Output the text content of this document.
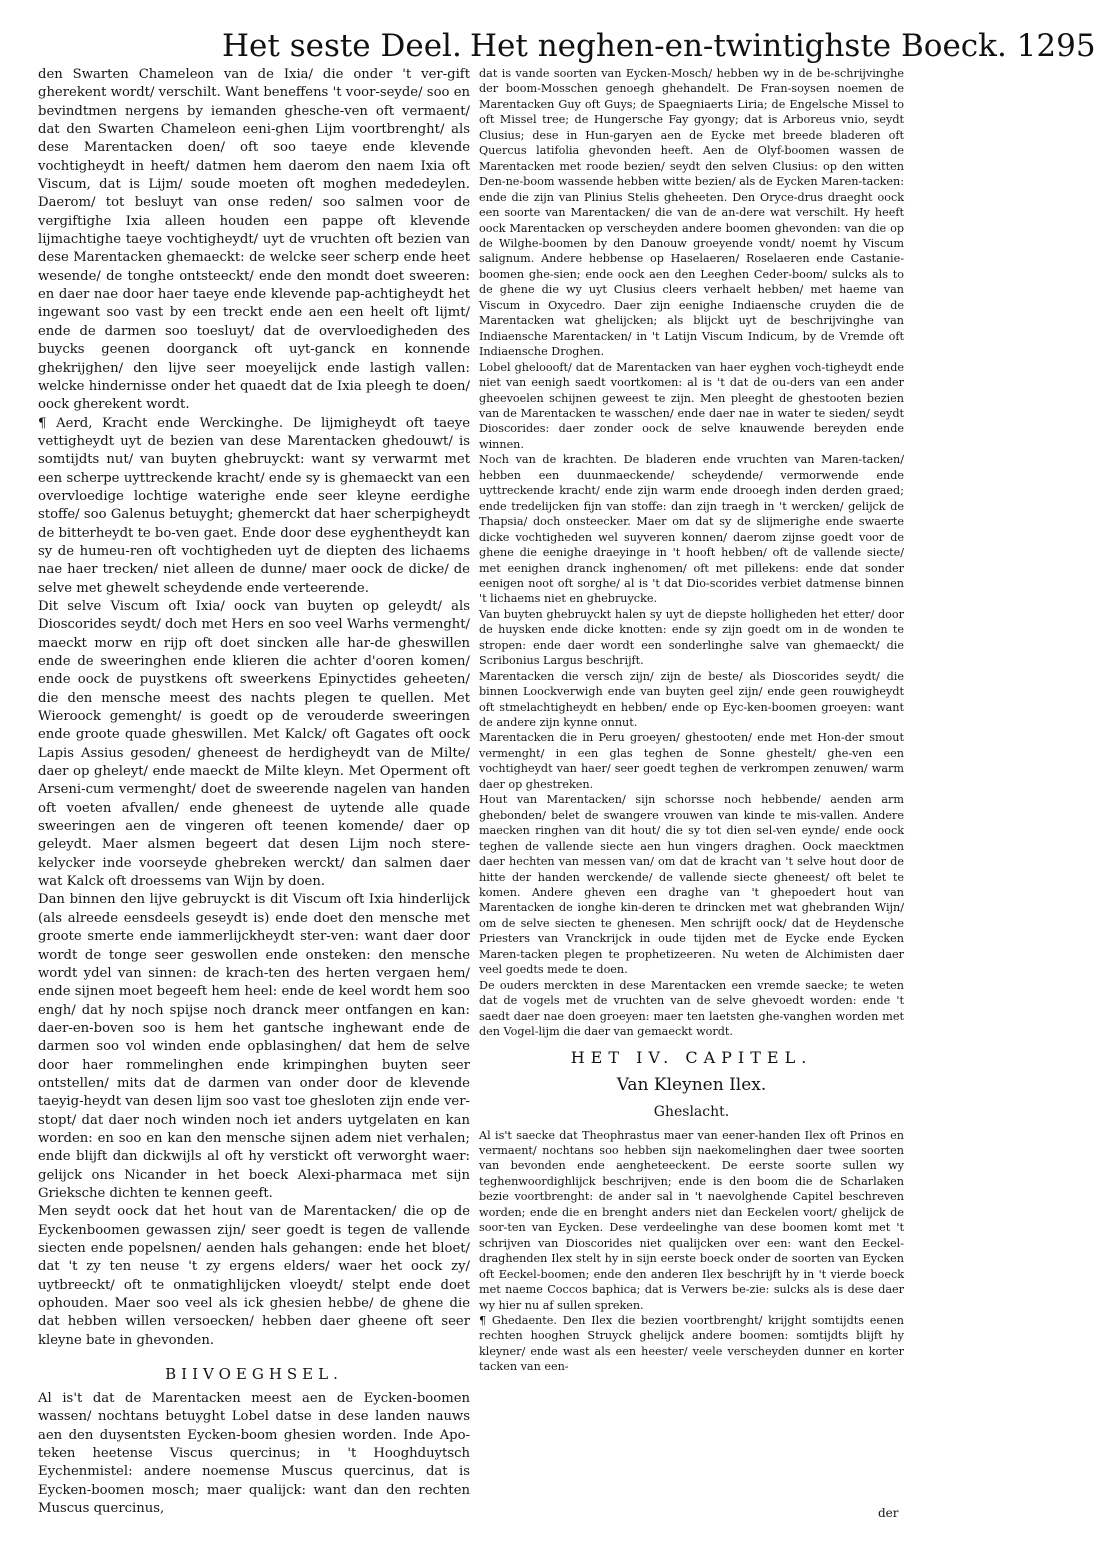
Het seste Deel. Het neghen-en-twintighste Boeck. 1295

den Swarten Chameleon van de Ixia/ die onder 't ver-gift gherekent wordt/ verschilt. Want beneffens 't voor-seyde/ soo en bevindtmen nergens by iemanden ghesche-ven oft vermaent/ dat den Swarten Chameleon eeni-ghen Lijm voortbrenght/ als dese Marentacken doen/ oft soo taeye ende klevende vochtigheydt in heeft/ datmen hem daerom den naem Ixia oft Viscum, dat is Lijm/ soude moeten oft moghen mededeylen. Daerom/ tot besluyt van onse reden/ soo salmen voor de vergiftighe Ixia alleen houden een pappe oft klevende lijmachtighe taeye vochtigheydt/ uyt de vruchten oft bezien van dese Marentacken ghemaeckt: de welcke seer scherp ende heet wesende/ de tonghe ontsteeckt/ ende den mondt doet sweeren: en daer nae door haer taeye ende klevende pap-achtigheydt het ingewant soo vast by een treckt ende aen een heelt oft lijmt/ ende de darmen soo toesluyt/ dat de overvloedigheden des buycks geenen doorganck oft uyt-ganck en konnende ghekrijghen/ den lijve seer moeyelijck ende lastigh vallen: welcke hindernisse onder het quaedt dat de Ixia pleegh te doen/ oock gherekent wordt.

¶ Aerd, Kracht ende Werckinghe. De lijmigheydt oft taeye vettigheydt uyt de bezien van dese Marentacken ghedouwt/ is somtijdts nut/ van buyten ghebruyckt: want sy verwarmt met een scherpe uyttreckende kracht/ ende sy is ghemaeckt van een overvloedige lochtige waterighe ende seer kleyne eerdighe stoffe/ soo Galenus betuyght; ghemerckt dat haer scherpigheydt de bitterheydt te bo-ven gaet. Ende door dese eyghentheydt kan sy de humeu-ren oft vochtigheden uyt de diepten des lichaems nae haer trecken/ niet alleen de dunne/ maer oock de dicke/ de selve met ghewelt scheydende ende verteerende.

Dit selve Viscum oft Ixia/ oock van buyten op geleydt/ als Dioscorides seydt/ doch met Hers en soo veel Warhs vermenght/ maeckt morw en rijp oft doet sincken alle har-de gheswillen ende de sweeringhen ende klieren die achter d'ooren komen/ ende oock de puystkens oft sweerkens Epinyctides geheeten/ die den mensche meest des nachts plegen te quellen. Met Wieroock gemenght/ is goedt op de verouderde sweeringen ende groote quade gheswillen. Met Kalck/ oft Gagates oft oock Lapis Assius gesoden/ gheneest de herdigheydt van de Milte/ daer op gheleyt/ ende maeckt de Milte kleyn. Met Operment oft Arseni-cum vermenght/ doet de sweerende nagelen van handen oft voeten afvallen/ ende gheneest de uytende alle quade sweeringen aen de vingeren oft teenen komende/ daer op geleydt. Maer alsmen begeert dat desen Lijm noch stere-kelycker inde voorseyde ghebreken werckt/ dan salmen daer wat Kalck oft droessems van Wijn by doen.

Dan binnen den lijve gebruyckt is dit Viscum oft Ixia hinderlijck (als alreede eensdeels geseydt is) ende doet den mensche met groote smerte ende iammerlijckheydt ster-ven: want daer door wordt de tonge seer geswollen ende onsteken: den mensche wordt ydel van sinnen: de krach-ten des herten vergaen hem/ ende sijnen moet begeeft hem heel: ende de keel wordt hem soo engh/ dat hy noch spijse noch dranck meer ontfangen en kan: daer-en-boven soo is hem het gantsche inghewant ende de darmen soo vol winden ende opblasinghen/ dat hem de selve door haer rommelinghen ende krimpinghen buyten seer ontstellen/ mits dat de darmen van onder door de klevende taeyig-heydt van desen lijm soo vast toe ghesloten zijn ende ver-stopt/ dat daer noch winden noch iet anders uytgelaten en kan worden: en soo en kan den mensche sijnen adem niet verhalen; ende blijft dan dickwijls al oft hy verstickt oft verworght waer: gelijck ons Nicander in het boeck Alexi-pharmaca met sijn Grieksche dichten te kennen geeft.

Men seydt oock dat het hout van de Marentacken/ die op de Eyckenboomen gewassen zijn/ seer goedt is tegen de vallende siecten ende popelsnen/ aenden hals gehangen: ende het bloet/ dat 't zy ten neuse 't zy ergens elders/ waer het oock zy/ uytbreeckt/ oft te onmatighlijcken vloeydt/ stelpt ende doet ophouden. Maer soo veel als ick ghesien hebbe/ de ghene die dat hebben willen versoecken/ hebben daer gheene oft seer kleyne bate in ghevonden.

BIIVOEGHSEL.

Al is't dat de Marentacken meest aen de Eycken-boomen wassen/ nochtans betuyght Lobel datse in dese landen nauws aen den duysentsten Eycken-boom ghesien worden. Inde Apo-teken heetense Viscus quercinus; in 't Hooghduytsch Eychenmistel: andere noemense Muscus quercinus, dat is Eycken-boomen mosch; maer qualijck: want dan den rechten Muscus quercinus,

dat is vande soorten van Eycken-Mosch/ hebben wy in de be-schrijvinghe der boom-Mosschen genoegh ghehandelt. De Fran-soysen noemen de Marentacken Guy oft Guys; de Spaegniaerts Liria; de Engelsche Missel to oft Missel tree; de Hungersche Fay gyongy; dat is Arboreus vnio, seydt Clusius; dese in Hun-garyen aen de Eycke met breede bladeren oft Quercus latifolia ghevonden heeft. Aen de Olyf-boomen wassen de Marentacken met roode bezien/ seydt den selven Clusius: op den witten Den-ne-boom wassende hebben witte bezien/ als de Eycken Maren-tacken: ende die zijn van Plinius Stelis gheheeten. Den Oryce-drus draeght oock een soorte van Marentacken/ die van de an-dere wat verschilt. Hy heeft oock Marentacken op verscheyden andere boomen ghevonden: van die op de Wilghe-boomen by den Danouw groeyende vondt/ noemt hy Viscum salignum. Andere hebbense op Haselaeren/ Roselaeren ende Castanie-boomen ghe-sien; ende oock aen den Leeghen Ceder-boom/ sulcks als to de ghene die wy uyt Clusius cleers verhaelt hebben/ met haeme van Viscum in Oxycedro. Daer zijn eenighe Indiaensche cruyden die de Marentacken wat ghelijcken; als blijckt uyt de beschrijvinghe van Indiaensche Marentacken/ in 't Latijn Viscum Indicum, by de Vremde oft Indiaensche Droghen.

Lobel gheloooft/ dat de Marentacken van haer eyghen voch-tigheydt ende niet van eenigh saedt voortkomen: al is 't dat de ou-ders van een ander gheevoelen schijnen geweest te zijn. Men pleeght de ghestooten bezien van de Marentacken te wasschen/ ende daer nae in water te sieden/ seydt Dioscorides: daer zonder oock de selve knauwende bereyden ende winnen.

Noch van de krachten. De bladeren ende vruchten van Maren-tacken/ hebben een duunmaeckende/ scheydende/ vermorwende ende uyttreckende kracht/ ende zijn warm ende drooegh inden derden graed; ende tredelijcken fijn van stoffe: dan zijn traegh in 't wercken/ gelijck de Thapsia/ doch onsteecker. Maer om dat sy de slijmerighe ende swaerte dicke vochtigheden wel suyveren konnen/ daerom zijnse goedt voor de ghene die eenighe draeyinge in 't hooft hebben/ oft de vallende siecte/ met eenighen dranck inghenomen/ oft met pillekens: ende dat sonder eenigen noot oft sorghe/ al is 't dat Dio-scorides verbiet datmense binnen 't lichaems niet en ghebruycke.

Van buyten ghebruyckt halen sy uyt de diepste holligheden het etter/ door de huysken ende dicke knotten: ende sy zijn goedt om in de wonden te stropen: ende daer wordt een sonderlinghe salve van ghemaeckt/ die Scribonius Largus beschrijft.

Marentacken die versch zijn/ zijn de beste/ als Dioscorides seydt/ die binnen Loockverwigh ende van buyten geel zijn/ ende geen rouwigheydt oft stmelachtigheydt en hebben/ ende op Eyc-ken-boomen groeyen: want de andere zijn kynne onnut.

Marentacken die in Peru groeyen/ ghestooten/ ende met Hon-der smout vermenght/ in een glas teghen de Sonne ghestelt/ ghe-ven een vochtigheydt van haer/ seer goedt teghen de verkrompen zenuwen/ warm daer op ghestreken.

Hout van Marentacken/ sijn schorsse noch hebbende/ aenden arm ghebonden/ belet de swangere vrouwen van kinde te mis-vallen. Andere maecken ringhen van dit hout/ die sy tot dien sel-ven eynde/ ende oock teghen de vallende siecte aen hun vingers draghen. Oock maecktmen daer hechten van messen van/ om dat de kracht van 't selve hout door de hitte der handen werckende/ de vallende siecte gheneest/ oft belet te komen. Andere gheven een draghe van 't ghepoedert hout van Marentacken de ionghe kin-deren te drincken met wat ghebranden Wijn/ om de selve siecten te ghenesen. Men schrijft oock/ dat de Heydensche Priesters van Vranckrijck in oude tijden met de Eycke ende Eycken Maren-tacken plegen te prophetizeeren. Nu weten de Alchimisten daer veel goedts mede te doen.

De ouders merckten in dese Marentacken een vremde saecke; te weten dat de vogels met de vruchten van de selve ghevoedt worden: ende 't saedt daer nae doen groeyen: maer ten laetsten ghe-vanghen worden met den Vogel-lijm die daer van gemaeckt wordt.

HET IV. CAPITEL.
Van Kleynen Ilex.
Gheslacht.

Al is't saecke dat Theophrastus maer van eener-handen Ilex oft Prinos en vermaent/ nochtans soo hebben sijn naekomelinghen daer twee soorten van bevonden ende aengheteeckent. De eerste soorte sullen wy teghenwoordighlijck beschrijven; ende is den boom die de Scharlaken bezie voortbrenght: de ander sal in 't naevolghende Capitel beschreven worden; ende die en brenght anders niet dan Eeckelen voort/ ghelijck de soor-ten van Eycken. Dese verdeelinghe van dese boomen komt met 't schrijven van Dioscorides niet qualijcken over een: want den Eeckel-draghenden Ilex stelt hy in sijn eerste boeck onder de soorten van Eycken oft Eeckel-boomen; ende den anderen Ilex beschrijft hy in 't vierde boeck met naeme Coccos baphica; dat is Verwers be-zie: sulcks als is dese daer wy hier nu af sullen spreken.

¶ Ghedaente. Den Ilex die bezien voortbrenght/ krijght somtijdts eenen rechten hooghen Struyck ghelijck andere boomen: somtijdts blijft hy kleyner/ ende wast als een heester/ veele verscheyden dunner en korter tacken van een-

der
